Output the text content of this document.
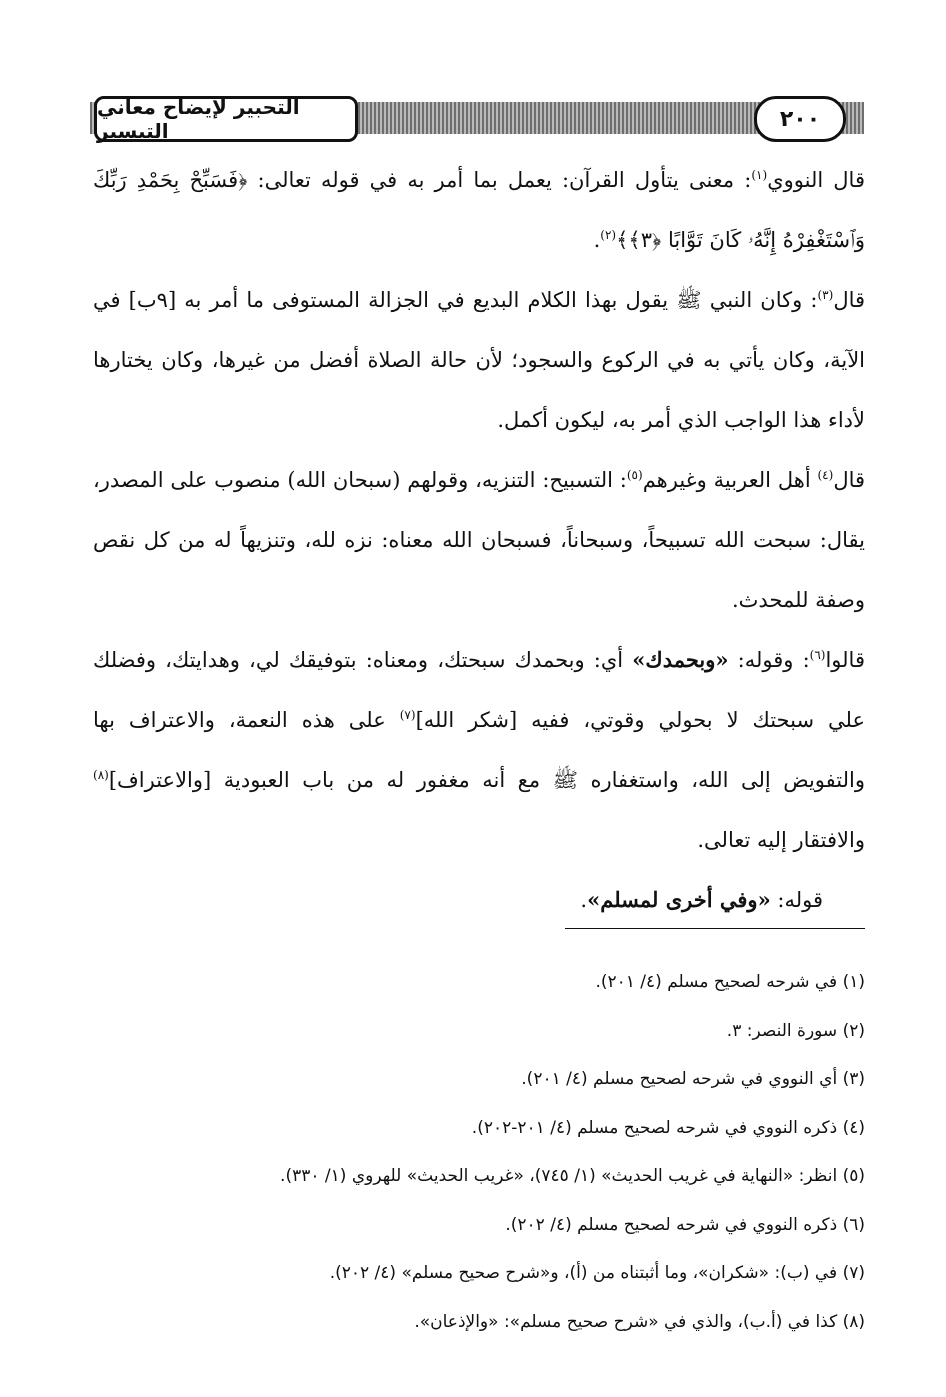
التحبير لإيضاح معاني التيسير	٢٠٠

قال النووي$^{(١)}$: معنى يتأول القرآن: يعمل بما أمر به في قوله تعالى: ﴿فَسَبِّحْ بِحَمْدِ رَبِّكَ وَٱسْتَغْفِرْهُ إِنَّهُۥ كَانَ تَوَّابًا ﴿٣﴾﴾$^{(٢)}$.

قال$^{(٣)}$: وكان النبي ﷺ يقول بهذا الكلام البديع في الجزالة المستوفى ما أمر به [٩ب] في الآية، وكان يأتي به في الركوع والسجود؛ لأن حالة الصلاة أفضل من غيرها، وكان يختارها لأداء هذا الواجب الذي أمر به، ليكون أكمل.

قال$^{(٤)}$ أهل العربية وغيرهم$^{(٥)}$: التسبيح: التنزيه، وقولهم (سبحان الله) منصوب على المصدر، يقال: سبحت الله تسبيحاً، وسبحاناً، فسبحان الله معناه: نزه لله، وتنزيهاً له من كل نقص وصفة للمحدث.

قالوا$^{(٦)}$: وقوله: «وبحمدك» أي: وبحمدك سبحتك، ومعناه: بتوفيقك لي، وهدايتك، وفضلك علي سبحتك لا بحولي وقوتي، ففيه [شكر الله]$^{(٧)}$ على هذه النعمة، والاعتراف بها والتفويض إلى الله، واستغفاره ﷺ مع أنه مغفور له من باب العبودية [والاعتراف]$^{(٨)}$ والافتقار إليه تعالى.

قوله: «وفي أخرى لمسلم».

(١) في شرحه لصحيح مسلم (٤/ ٢٠١).
(٢) سورة النصر: ٣.
(٣) أي النووي في شرحه لصحيح مسلم (٤/ ٢٠١).
(٤) ذكره النووي في شرحه لصحيح مسلم (٤/ ٢٠١-٢٠٢).
(٥) انظر: «النهاية في غريب الحديث» (١/ ٧٤٥)، «غريب الحديث» للهروي (١/ ٣٣٠).
(٦) ذكره النووي في شرحه لصحيح مسلم (٤/ ٢٠٢).
(٧) في (ب): «شكران»، وما أثبتناه من (أ)، و«شرح صحيح مسلم» (٤/ ٢٠٢).
(٨) كذا في (أ.ب)، والذي في «شرح صحيح مسلم»: «والإذعان».
